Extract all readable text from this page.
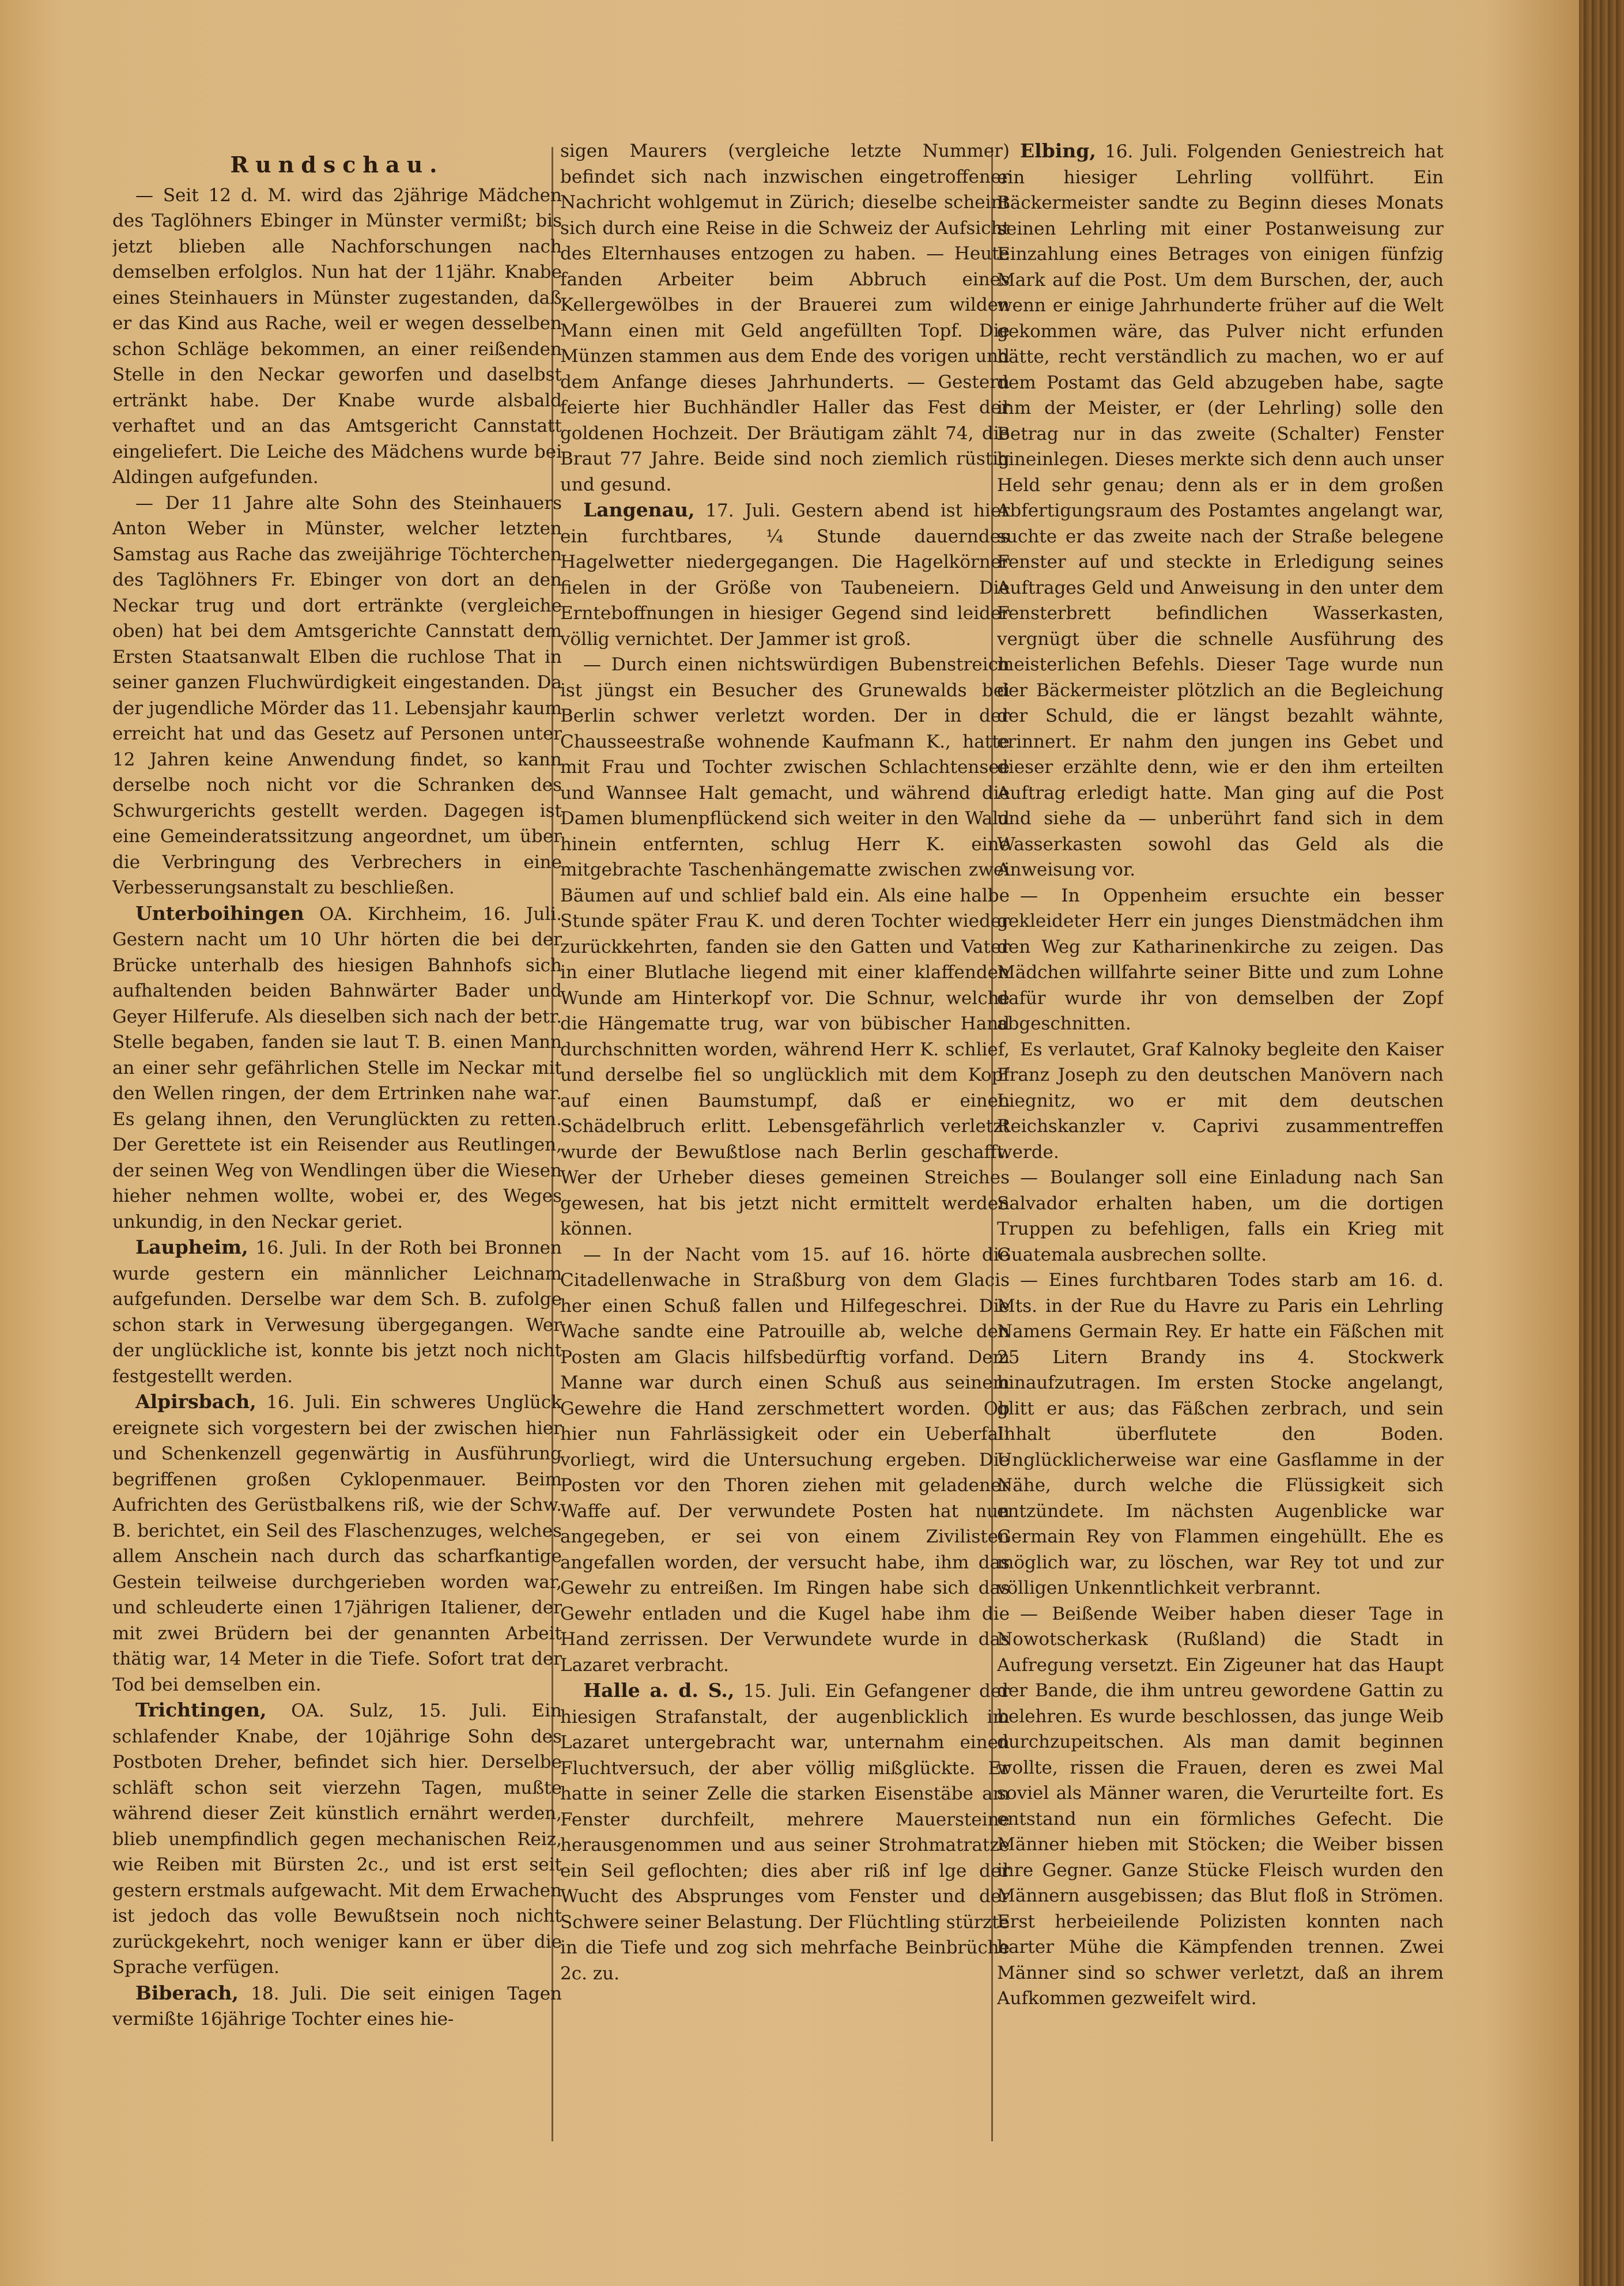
Rundschau.

— Seit 12 d. M. wird das 2jährige Mädchen des Taglöhners Ebinger in Münster vermißt; bis jetzt blieben alle Nachforschungen nach demselben erfolglos. Nun hat der 11jähr. Knabe eines Steinhauers in Münster zugestanden, daß er das Kind aus Rache, weil er wegen desselben schon Schläge bekommen, an einer reißenden Stelle in den Neckar geworfen und daselbst ertränkt habe. Der Knabe wurde alsbald verhaftet und an das Amtsgericht Cannstatt eingeliefert. Die Leiche des Mädchens wurde bei Aldingen aufgefunden.

— Der 11 Jahre alte Sohn des Steinhauers Anton Weber in Münster, welcher letzten Samstag aus Rache das zweijährige Töchterchen des Taglöhners Fr. Ebinger von dort an den Neckar trug und dort ertränkte (vergleiche oben) hat bei dem Amtsgerichte Cannstatt dem Ersten Staatsanwalt Elben die ruchlose That in seiner ganzen Fluchwürdigkeit eingestanden. Da der jugendliche Mörder das 11. Lebensjahr kaum erreicht hat und das Gesetz auf Personen unter 12 Jahren keine Anwendung findet, so kann derselbe noch nicht vor die Schranken des Schwurgerichts gestellt werden. Dagegen ist eine Gemeinderatssitzung angeordnet, um über die Verbringung des Verbrechers in eine Verbesserungsanstalt zu beschließen.

Unterboihingen OA. Kirchheim, 16. Juli. Gestern nacht um 10 Uhr hörten die bei der Brücke unterhalb des hiesigen Bahnhofs sich aufhaltenden beiden Bahnwärter Bader und Geyer Hilferufe. Als dieselben sich nach der betr. Stelle begaben, fanden sie laut T. B. einen Mann an einer sehr gefährlichen Stelle im Neckar mit den Wellen ringen, der dem Ertrinken nahe war. Es gelang ihnen, den Verunglückten zu retten. Der Gerettete ist ein Reisender aus Reutlingen, der seinen Weg von Wendlingen über die Wiesen hieher nehmen wollte, wobei er, des Weges unkundig, in den Neckar geriet.

Laupheim, 16. Juli. In der Roth bei Bronnen wurde gestern ein männlicher Leichnam aufgefunden. Derselbe war dem Sch. B. zufolge schon stark in Verwesung übergegangen. Wer der unglückliche ist, konnte bis jetzt noch nicht festgestellt werden.

Alpirsbach, 16. Juli. Ein schweres Unglück ereignete sich vorgestern bei der zwischen hier und Schenkenzell gegenwärtig in Ausführung begriffenen großen Cyklopenmauer. Beim Aufrichten des Gerüstbalkens riß, wie der Schw. B. berichtet, ein Seil des Flaschenzuges, welches allem Anschein nach durch das scharfkantige Gestein teilweise durchgerieben worden war, und schleuderte einen 17jährigen Italiener, der mit zwei Brüdern bei der genannten Arbeit thätig war, 14 Meter in die Tiefe. Sofort trat der Tod bei demselben ein.

Trichtingen, OA. Sulz, 15. Juli. Ein schlafender Knabe, der 10jährige Sohn des Postboten Dreher, befindet sich hier. Derselbe schläft schon seit vierzehn Tagen, mußte während dieser Zeit künstlich ernährt werden, blieb unempfindlich gegen mechanischen Reiz, wie Reiben mit Bürsten 2c., und ist erst seit gestern erstmals aufgewacht. Mit dem Erwachen ist jedoch das volle Bewußtsein noch nicht zurückgekehrt, noch weniger kann er über die Sprache verfügen.

Biberach, 18. Juli. Die seit einigen Tagen vermißte 16jährige Tochter eines hie-

sigen Maurers (vergleiche letzte Nummer) befindet sich nach inzwischen eingetroffener Nachricht wohlgemut in Zürich; dieselbe scheint sich durch eine Reise in die Schweiz der Aufsicht des Elternhauses entzogen zu haben. — Heute fanden Arbeiter beim Abbruch eines Kellergewölbes in der Brauerei zum wilden Mann einen mit Geld angefüllten Topf. Die Münzen stammen aus dem Ende des vorigen und dem Anfange dieses Jahrhunderts. — Gestern feierte hier Buchhändler Haller das Fest der goldenen Hochzeit. Der Bräutigam zählt 74, die Braut 77 Jahre. Beide sind noch ziemlich rüstig und gesund.

Langenau, 17. Juli. Gestern abend ist hier ein furchtbares, ¼ Stunde dauerndes Hagelwetter niedergegangen. Die Hagelkörner fielen in der Größe von Taubeneiern. Die Ernteboffnungen in hiesiger Gegend sind leider völlig vernichtet. Der Jammer ist groß.

— Durch einen nichtswürdigen Bubenstreich ist jüngst ein Besucher des Grunewalds bei Berlin schwer verletzt worden. Der in der Chausseestraße wohnende Kaufmann K., hatte mit Frau und Tochter zwischen Schlachtensee und Wannsee Halt gemacht, und während die Damen blumenpflückend sich weiter in den Wald hinein entfernten, schlug Herr K. eine mitgebrachte Taschenhängematte zwischen zwei Bäumen auf und schlief bald ein. Als eine halbe Stunde später Frau K. und deren Tochter wieder zurückkehrten, fanden sie den Gatten und Vater in einer Blutlache liegend mit einer klaffenden Wunde am Hinterkopf vor. Die Schnur, welche die Hängematte trug, war von bübischer Hand durchschnitten worden, während Herr K. schlief, und derselbe fiel so unglücklich mit dem Kopf auf einen Baumstumpf, daß er einen Schädelbruch erlitt. Lebensgefährlich verletzt wurde der Bewußtlose nach Berlin geschafft. Wer der Urheber dieses gemeinen Streiches gewesen, hat bis jetzt nicht ermittelt werden können.

— In der Nacht vom 15. auf 16. hörte die Citadellenwache in Straßburg von dem Glacis her einen Schuß fallen und Hilfegeschrei. Die Wache sandte eine Patrouille ab, welche den Posten am Glacis hilfsbedürftig vorfand. Dem Manne war durch einen Schuß aus seinem Gewehre die Hand zerschmettert worden. Ob hier nun Fahrlässigkeit oder ein Ueberfall vorliegt, wird die Untersuchung ergeben. Die Posten vor den Thoren ziehen mit geladener Waffe auf. Der verwundete Posten hat nun angegeben, er sei von einem Zivilisten angefallen worden, der versucht habe, ihm das Gewehr zu entreißen. Im Ringen habe sich das Gewehr entladen und die Kugel habe ihm die Hand zerrissen. Der Verwundete wurde in das Lazaret verbracht.

Halle a. d. S., 15. Juli. Ein Gefangener der hiesigen Strafanstalt, der augenblicklich im Lazaret untergebracht war, unternahm einen Fluchtversuch, der aber völlig mißglückte. Er hatte in seiner Zelle die starken Eisenstäbe am Fenster durchfeilt, mehrere Mauersteine herausgenommen und aus seiner Strohmatratze ein Seil geflochten; dies aber riß inf lge der Wucht des Absprunges vom Fenster und der Schwere seiner Belastung. Der Flüchtling stürzte in die Tiefe und zog sich mehrfache Beinbrüche 2c. zu.

Elbing, 16. Juli. Folgenden Geniestreich hat ein hiesiger Lehrling vollführt. Ein Bäckermeister sandte zu Beginn dieses Monats seinen Lehrling mit einer Postanweisung zur Einzahlung eines Betrages von einigen fünfzig Mark auf die Post. Um dem Burschen, der, auch wenn er einige Jahrhunderte früher auf die Welt gekommen wäre, das Pulver nicht erfunden hätte, recht verständlich zu machen, wo er auf dem Postamt das Geld abzugeben habe, sagte ihm der Meister, er (der Lehrling) solle den Betrag nur in das zweite (Schalter) Fenster hineinlegen. Dieses merkte sich denn auch unser Held sehr genau; denn als er in dem großen Abfertigungsraum des Postamtes angelangt war, suchte er das zweite nach der Straße belegene Fenster auf und steckte in Erledigung seines Auftrages Geld und Anweisung in den unter dem Fensterbrett befindlichen Wasserkasten, vergnügt über die schnelle Ausführung des meisterlichen Befehls. Dieser Tage wurde nun der Bäckermeister plötzlich an die Begleichung der Schuld, die er längst bezahlt wähnte, erinnert. Er nahm den jungen ins Gebet und dieser erzählte denn, wie er den ihm erteilten Auftrag erledigt hatte. Man ging auf die Post und siehe da — unberührt fand sich in dem Wasserkasten sowohl das Geld als die Anweisung vor.

— In Oppenheim ersuchte ein besser gekleideter Herr ein junges Dienstmädchen ihm den Weg zur Katharinenkirche zu zeigen. Das Mädchen willfahrte seiner Bitte und zum Lohne dafür wurde ihr von demselben der Zopf abgeschnitten.

Es verlautet, Graf Kalnoky begleite den Kaiser Franz Joseph zu den deutschen Manövern nach Liegnitz, wo er mit dem deutschen Reichskanzler v. Caprivi zusammentreffen werde.

— Boulanger soll eine Einladung nach San Salvador erhalten haben, um die dortigen Truppen zu befehligen, falls ein Krieg mit Guatemala ausbrechen sollte.

— Eines furchtbaren Todes starb am 16. d. Mts. in der Rue du Havre zu Paris ein Lehrling Namens Germain Rey. Er hatte ein Fäßchen mit 25 Litern Brandy ins 4. Stockwerk hinaufzutragen. Im ersten Stocke angelangt, glitt er aus; das Fäßchen zerbrach, und sein Inhalt überflutete den Boden. Unglücklicherweise war eine Gasflamme in der Nähe, durch welche die Flüssigkeit sich entzündete. Im nächsten Augenblicke war Germain Rey von Flammen eingehüllt. Ehe es möglich war, zu löschen, war Rey tot und zur völligen Unkenntlichkeit verbrannt.

— Beißende Weiber haben dieser Tage in Nowotscherkask (Rußland) die Stadt in Aufregung versetzt. Ein Zigeuner hat das Haupt der Bande, die ihm untreu gewordene Gattin zu belehren. Es wurde beschlossen, das junge Weib durchzupeitschen. Als man damit beginnen wollte, rissen die Frauen, deren es zwei Mal soviel als Männer waren, die Verurteilte fort. Es entstand nun ein förmliches Gefecht. Die Männer hieben mit Stöcken; die Weiber bissen ihre Gegner. Ganze Stücke Fleisch wurden den Männern ausgebissen; das Blut floß in Strömen. Erst herbeieilende Polizisten konnten nach harter Mühe die Kämpfenden trennen. Zwei Männer sind so schwer verletzt, daß an ihrem Aufkommen gezweifelt wird.
